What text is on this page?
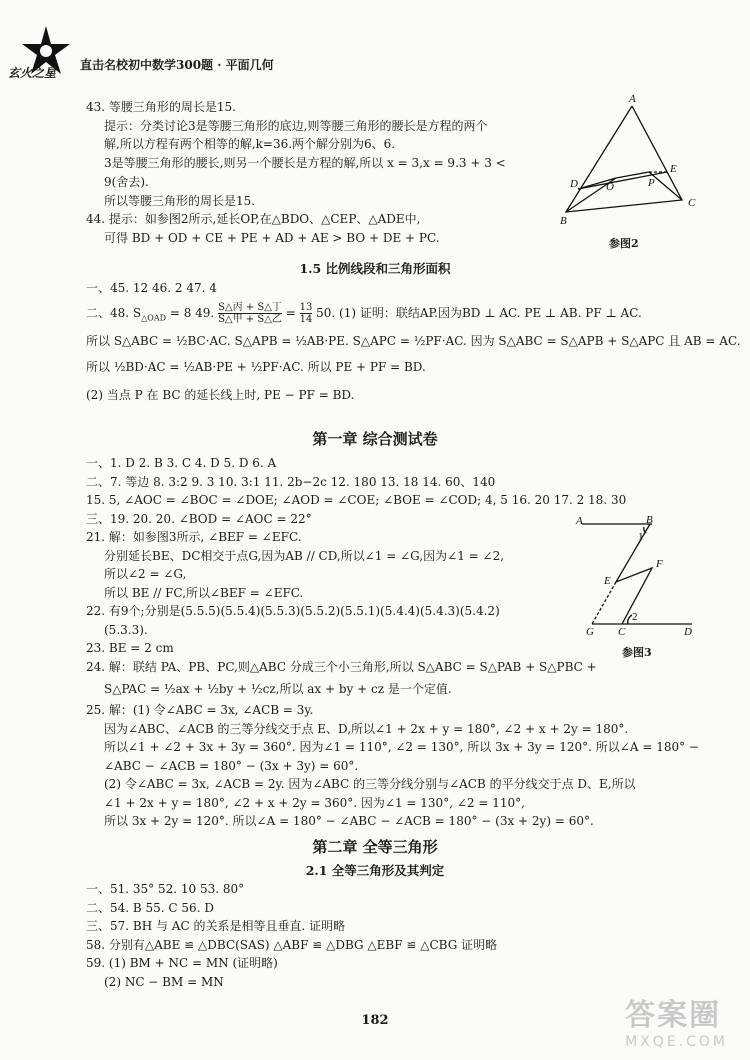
玄火之星
直击名校初中数学300题 · 平面几何
43. 等腰三角形的周长是15.
提示：分类讨论3是等腰三角形的底边,则等腰三角形的腰长是方程的两个
解,所以方程有两个相等的解,k=36.两个解分别为6、6.
3是等腰三角形的腰长,则另一个腰长是方程的解,所以 x = 3,x = 9.3 + 3 <
9(舍去).
所以等腰三角形的周长是15.
44. 提示：如参图2所示,延长OP,在△BDO、△CEP、△ADE中,
可得 BD + OD + CE + PE + AD + AE > BO + DE + PC.
A
B
C
D
E
O	P
参图2
1.5 比例线段和三角形面积
一、45. 12 46. 2 47. 4
二、48. $S_{\triangle OAD} = 8$ 49. $\frac{\text{S△丙 + S△丁}}{\text{S△甲 + S△乙}} = \frac{13}{14} 50$. (1) 证明：联结AP.因为BD ⊥ AC. PE ⊥ AB. PF ⊥ AC.
所以 S△ABC = ½BC·AC. S△APB = ½AB·PE. S△APC = ½PF·AC. 因为 S△ABC = S△APB + S△APC 且 AB = AC.
所以 ½BD·AC = ½AB·PE + ½PF·AC. 所以 PE + PF = BD.
(2) 当点 P 在 BC 的延长线上时, PE − PF = BD.
第一章 综合测试卷
一、1. D 2. B 3. C 4. D 5. D 6. A
二、7. 等边 8. 3:2 9. 3 10. 3:1 11. 2b−2c 12. 180 13. 18 14. 60、140
15. 5, ∠AOC = ∠BOC = ∠DOE; ∠AOD = ∠COE; ∠BOE = ∠COD; 4, 5 16. 20 17. 2 18. 30
三、19. 20. 20. ∠BOD = ∠AOC = 22°
21. 解：如参图3所示, ∠BEF = ∠EFC.
分别延长BE、DC相交于点G,因为AB // CD,所以∠1 = ∠G,因为∠1 = ∠2,
所以∠2 = ∠G,
所以 BE // FC,所以∠BEF = ∠EFC.
22. 有9个;分别是(5.5.5)(5.5.4)(5.5.3)(5.5.2)(5.5.1)(5.4.4)(5.4.3)(5.4.2)
(5.3.3).
23. BE = 2 cm
24. 解：联结 PA、PB、PC,则△ABC 分成三个小三角形,所以 S△ABC = S△PAB + S△PBC +
S△PAC = ½ax + ½by + ½cz,所以 ax + by + cz 是一个定值.
A	B
C	D
E
F
G
1
2
参图3
25. 解：(1) 令∠ABC = 3x, ∠ACB = 3y.
因为∠ABC、∠ACB 的三等分线交于点 E、D,所以∠1 + 2x + y = 180°, ∠2 + x + 2y = 180°.
所以∠1 + ∠2 + 3x + 3y = 360°. 因为∠1 = 110°, ∠2 = 130°, 所以 3x + 3y = 120°. 所以∠A = 180° −
∠ABC − ∠ACB = 180° − (3x + 3y) = 60°.
(2) 令∠ABC = 3x, ∠ACB = 2y. 因为∠ABC 的三等分线分别与∠ACB 的平分线交于点 D、E,所以
∠1 + 2x + y = 180°, ∠2 + x + 2y = 360°. 因为∠1 = 130°, ∠2 = 110°,
所以 3x + 2y = 120°. 所以∠A = 180° − ∠ABC − ∠ACB = 180° − (3x + 2y) = 60°.
第二章 全等三角形
2.1 全等三角形及其判定
一、51. 35° 52. 10 53. 80°
二、54. B 55. C 56. D
三、57. BH 与 AC 的关系是相等且垂直. 证明略
58. 分别有△ABE ≌ △DBC(SAS) △ABF ≌ △DBG △EBF ≌ △CBG 证明略
59. (1) BM + NC = MN (证明略)
(2) NC − BM = MN
182	答案圈
MXQE.COM
